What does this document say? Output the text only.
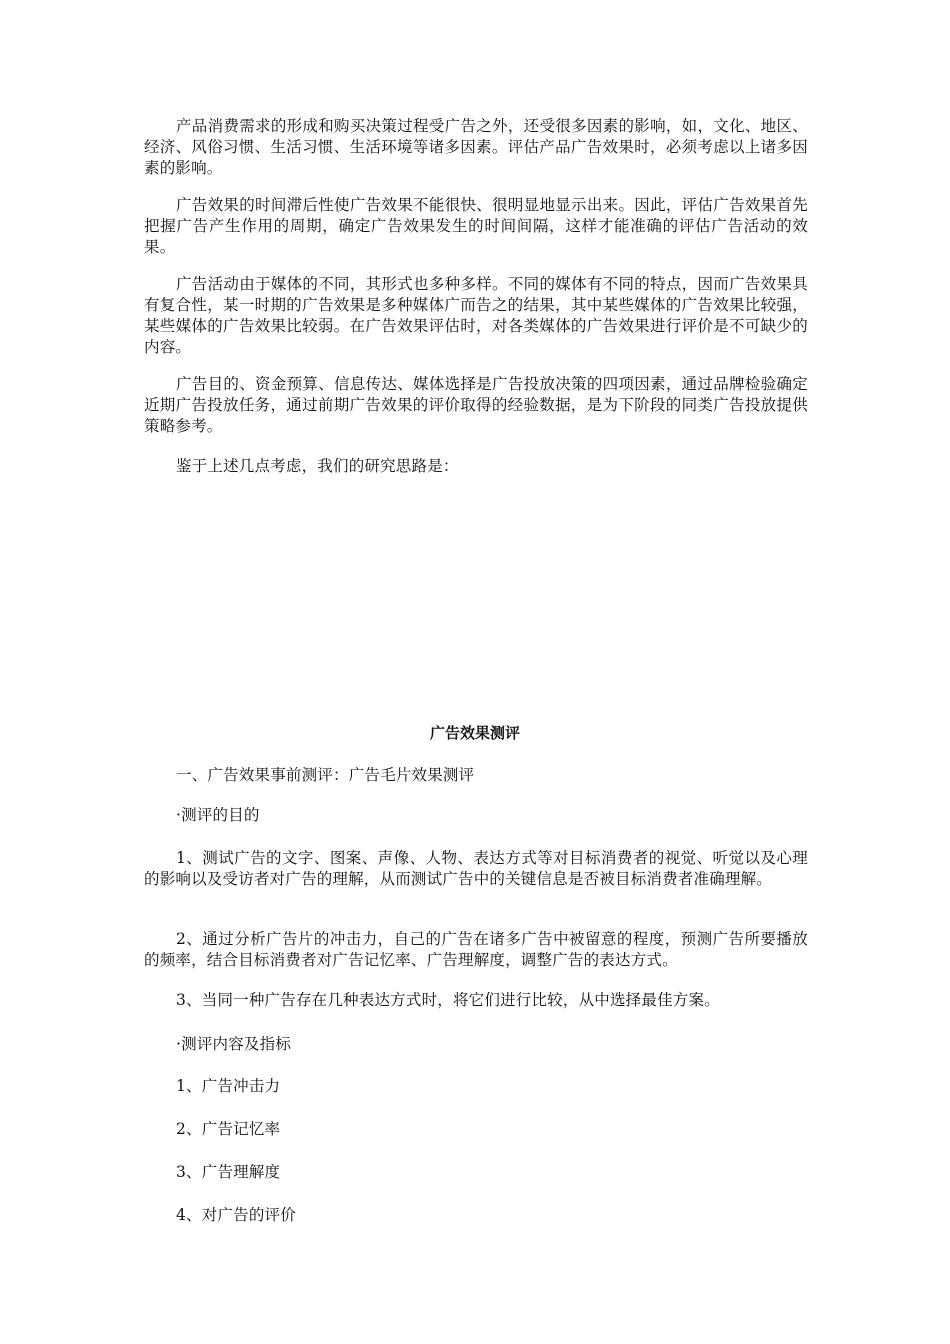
产品消费需求的形成和购买决策过程受广告之外，还受很多因素的影响，如，文化、地区、经济、风俗习惯、生活习惯、生活环境等诸多因素。评估产品广告效果时，必须考虑以上诸多因素的影响。

广告效果的时间滞后性使广告效果不能很快、很明显地显示出来。因此，评估广告效果首先把握广告产生作用的周期，确定广告效果发生的时间间隔，这样才能准确的评估广告活动的效果。

广告活动由于媒体的不同，其形式也多种多样。不同的媒体有不同的特点，因而广告效果具有复合性，某一时期的广告效果是多种媒体广而告之的结果，其中某些媒体的广告效果比较强，某些媒体的广告效果比较弱。在广告效果评估时，对各类媒体的广告效果进行评价是不可缺少的内容。

广告目的、资金预算、信息传达、媒体选择是广告投放决策的四项因素，通过品牌检验确定近期广告投放任务，通过前期广告效果的评价取得的经验数据，是为下阶段的同类广告投放提供策略参考。

鉴于上述几点考虑，我们的研究思路是：

广告效果测评

一、广告效果事前测评：广告毛片效果测评

·测评的目的

1、测试广告的文字、图案、声像、人物、表达方式等对目标消费者的视觉、听觉以及心理的影响以及受访者对广告的理解，从而测试广告中的关键信息是否被目标消费者准确理解。

2、通过分析广告片的冲击力，自己的广告在诸多广告中被留意的程度，预测广告所要播放的频率，结合目标消费者对广告记忆率、广告理解度，调整广告的表达方式。

3、当同一种广告存在几种表达方式时，将它们进行比较，从中选择最佳方案。

·测评内容及指标

1、广告冲击力

2、广告记忆率

3、广告理解度

4、对广告的评价
